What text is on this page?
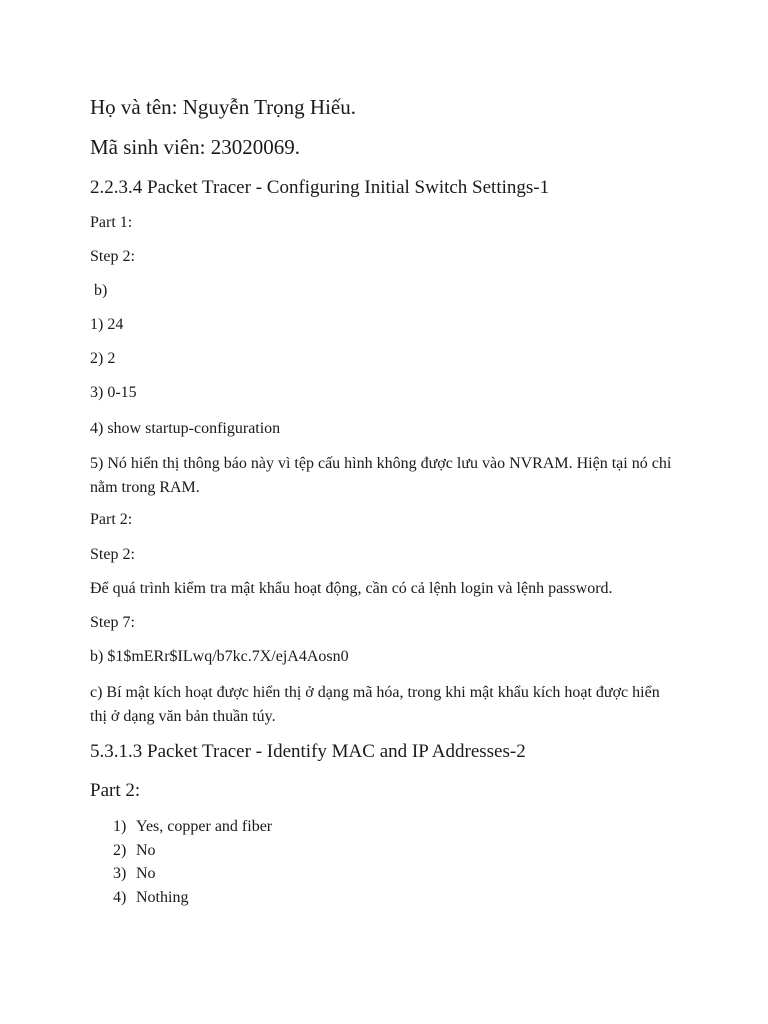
Họ và tên: Nguyễn Trọng Hiếu.
Mã sinh viên: 23020069.
2.2.3.4 Packet Tracer - Configuring Initial Switch Settings-1

Part 1:

Step 2:

b)

1) 24

2) 2

3) 0-15

4) show startup-configuration

5) Nó hiển thị thông báo này vì tệp cấu hình không được lưu vào NVRAM. Hiện tại nó chỉ nằm trong RAM.

Part 2:

Step 2:

Để quá trình kiểm tra mật khẩu hoạt động, cần có cả lệnh login và lệnh password.

Step 7:

b) $1$mERr$ILwq/b7kc.7X/ejA4Aosn0

c) Bí mật kích hoạt được hiển thị ở dạng mã hóa, trong khi mật khẩu kích hoạt được hiển thị ở dạng văn bản thuần túy.

5.3.1.3 Packet Tracer - Identify MAC and IP Addresses-2

Part 2:

1) Yes, copper and fiber
2) No
3) No
4) Nothing
